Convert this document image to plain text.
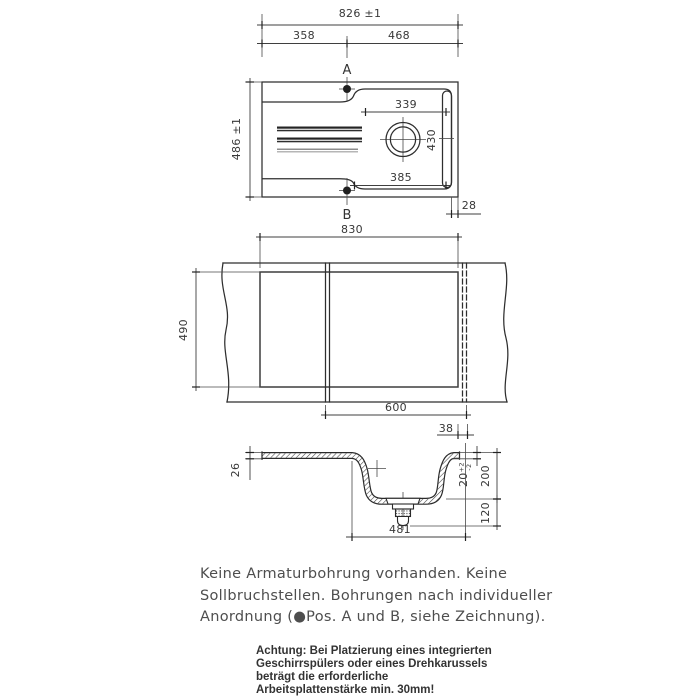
826 ±1
358	468
A
339
385
430
486 ±1
B
28
830
490
600
38
26
$20^{+2}-2$ 200
120
481
Keine Armaturbohrung vorhanden. Keine
Sollbruchstellen. Bohrungen nach individueller
Anordnung (●Pos. A und B, siehe Zeichnung).
Achtung: Bei Platzierung eines integrierten
Geschirrspülers oder eines Drehkarussels
beträgt die erforderliche
Arbeitsplattenstärke min. 30mm!
